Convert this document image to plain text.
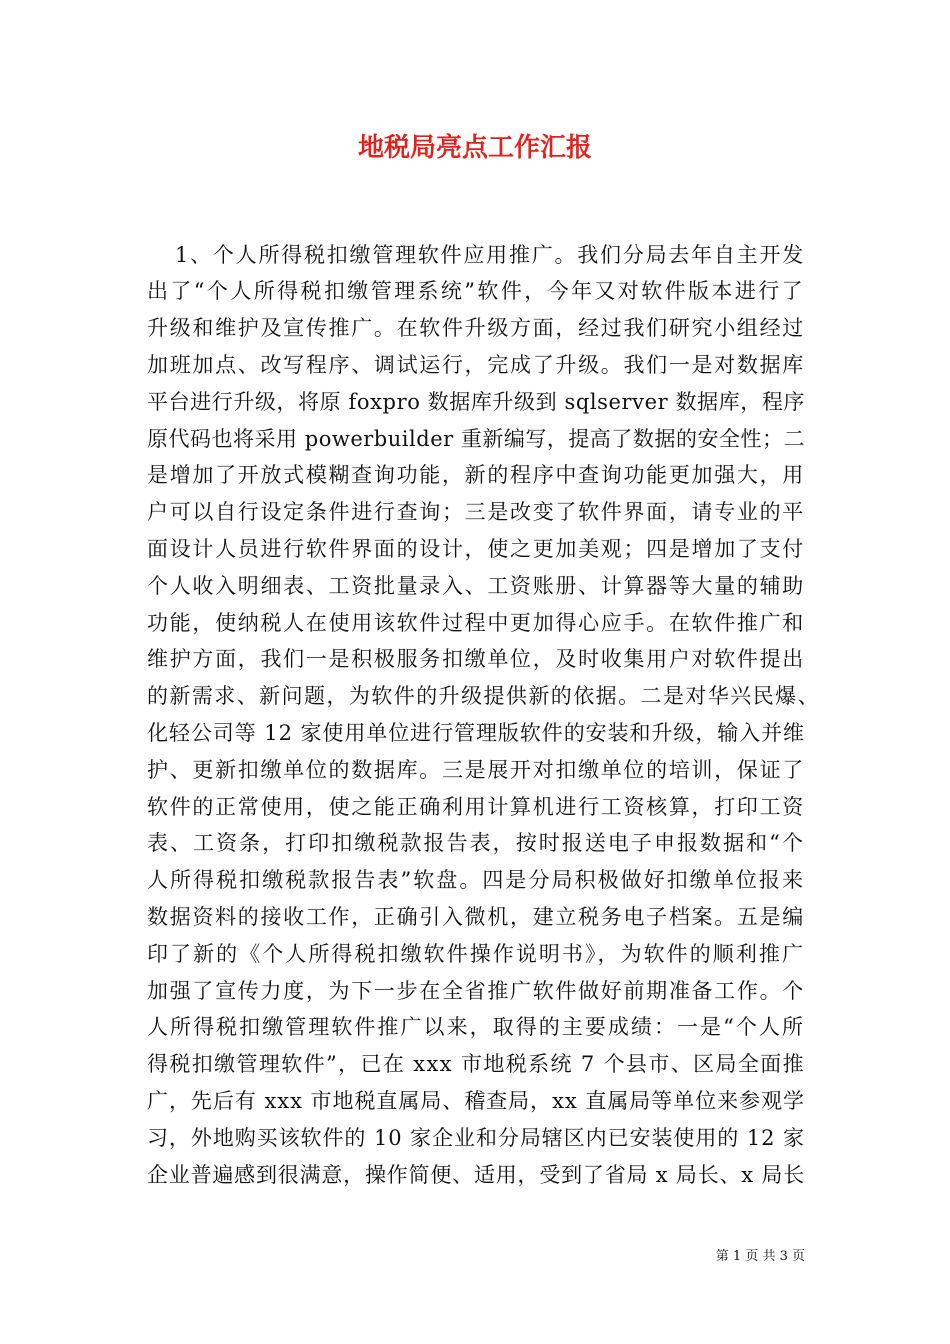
地税局亮点工作汇报
1、个人所得税扣缴管理软件应用推广。我们分局去年自主开发
出了“个人所得税扣缴管理系统”软件，今年又对软件版本进行了
升级和维护及宣传推广。在软件升级方面，经过我们研究小组经过
加班加点、改写程序、调试运行，完成了升级。我们一是对数据库
平台进行升级，将原 foxpro 数据库升级到 sqlserver 数据库，程序
原代码也将采用 powerbuilder 重新编写，提高了数据的安全性；二
是增加了开放式模糊查询功能，新的程序中查询功能更加强大，用
户可以自行设定条件进行查询；三是改变了软件界面，请专业的平
面设计人员进行软件界面的设计，使之更加美观；四是增加了支付
个人收入明细表、工资批量录入、工资账册、计算器等大量的辅助
功能，使纳税人在使用该软件过程中更加得心应手。在软件推广和
维护方面，我们一是积极服务扣缴单位，及时收集用户对软件提出
的新需求、新问题，为软件的升级提供新的依据。二是对华兴民爆、
化轻公司等 12 家使用单位进行管理版软件的安装和升级，输入并维
护、更新扣缴单位的数据库。三是展开对扣缴单位的培训，保证了
软件的正常使用，使之能正确利用计算机进行工资核算，打印工资
表、工资条，打印扣缴税款报告表，按时报送电子申报数据和“个
人所得税扣缴税款报告表”软盘。四是分局积极做好扣缴单位报来
数据资料的接收工作，正确引入微机，建立税务电子档案。五是编
印了新的《个人所得税扣缴软件操作说明书》，为软件的顺利推广
加强了宣传力度，为下一步在全省推广软件做好前期准备工作。个
人所得税扣缴管理软件推广以来，取得的主要成绩：一是“个人所
得税扣缴管理软件”，已在 xxx 市地税系统 7 个县市、区局全面推
广，先后有 xxx 市地税直属局、稽查局，xx 直属局等单位来参观学
习，外地购买该软件的 10 家企业和分局辖区内已安装使用的 12 家
企业普遍感到很满意，操作简便、适用，受到了省局 x 局长、x 局长
第 1 页 共 3 页
